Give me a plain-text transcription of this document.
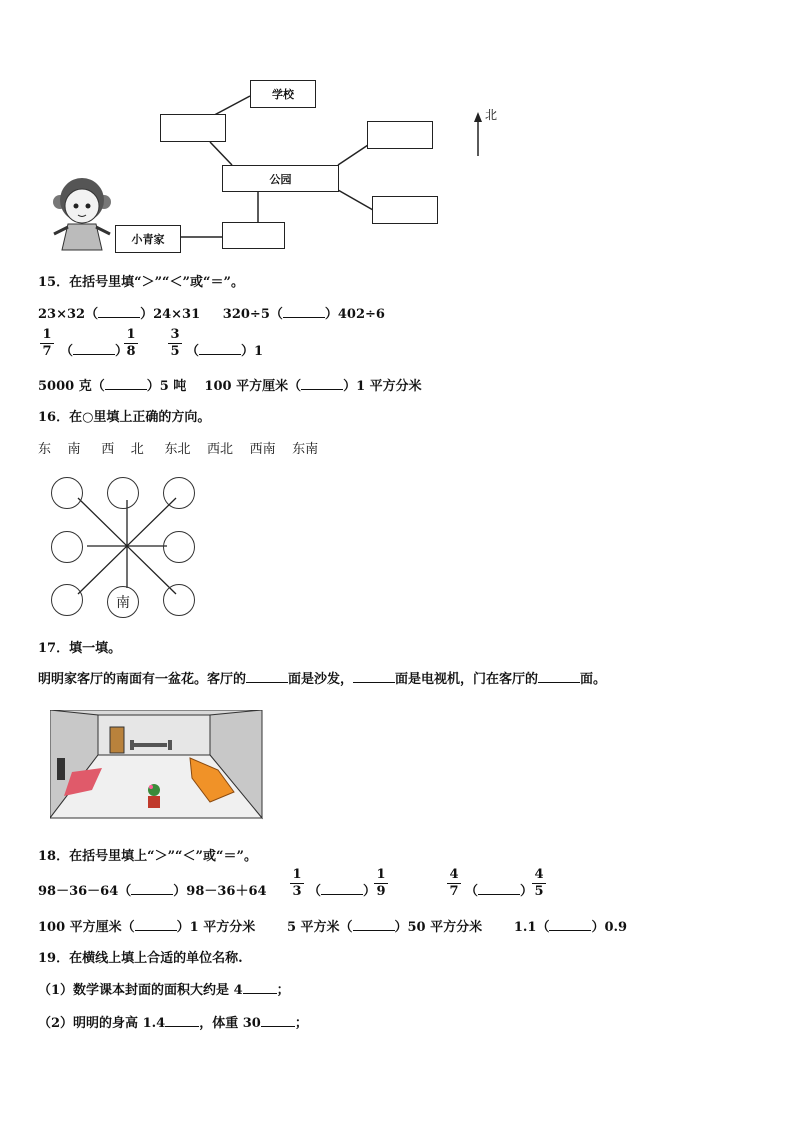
学校
公园
小青家
北
15．在括号里填“＞”“＜”或“＝”。
23×32（	）24×31 320÷5（	）402÷6
$\frac{1}{7}$ （	）
$\frac{1}{8} \frac{3}{5}$ （	）1
5000 克（	）5 吨 100 平方厘米（	）1 平方分米
16．在○里填上正确的方向。
东 南 西 北 东北 西北 西南 东南
南
17．填一填。
明明家客厅的南面有一盆花。客厅的	面是沙发，	面是电视机，门在客厅的	面。
18．在括号里填上“＞”“＜”或“＝”。
98－36－64（	）$98-36+64 \frac{1}{3}$ （	）
$\frac{1}{9}$	$\frac{4}{7}$ （	）
$\frac{4}{5}$
100 平方厘米（	）1 平方分米 5 平方米（	）50 平方分米 1.1（	）0.9
19．在横线上填上合适的单位名称.
（1）数学课本封面的面积大约是 4	；
（2）明明的身高 1.4	，体重 30	；
